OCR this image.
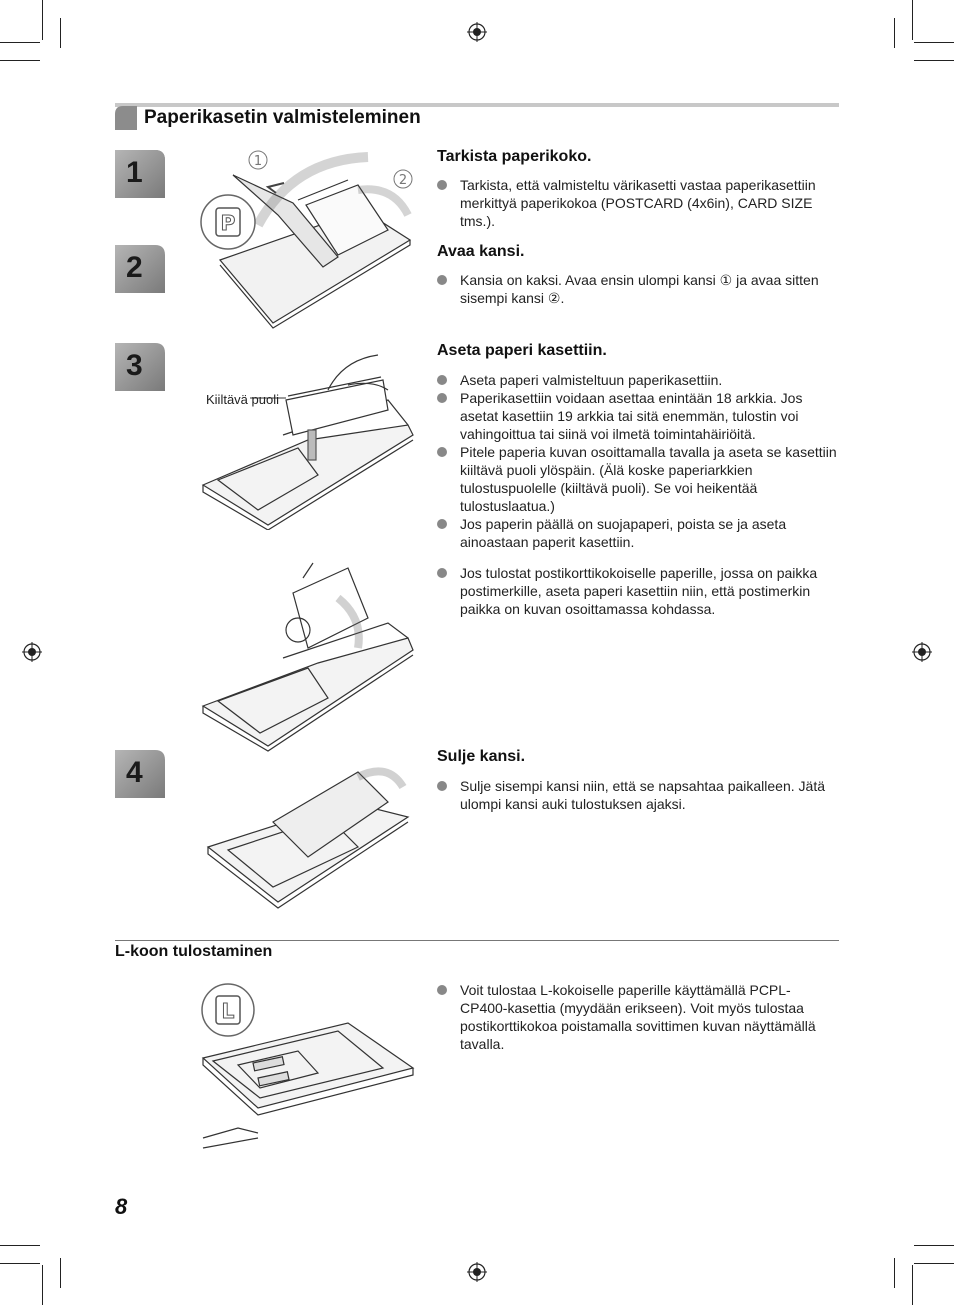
Paperikasetin valmisteleminen
1
2
3
4
1
2
P
Kiiltävä puoli
Tarkista paperikoko.
Tarkista, että valmisteltu värikasetti vastaa paperikasettiin merkittyä paperikokoa (POSTCARD (4x6in), CARD SIZE tms.).
Avaa kansi.
Kansia on kaksi. Avaa ensin ulompi kansi ① ja avaa sitten sisempi kansi ②.
Aseta paperi kasettiin.
Aseta paperi valmisteltuun paperikasettiin.
Paperikasettiin voidaan asettaa enintään 18 arkkia. Jos asetat kasettiin 19 arkkia tai sitä enemmän, tulostin voi vahingoittua tai siinä voi ilmetä toimintahäiriöitä.
Pitele paperia kuvan osoittamalla tavalla ja aseta se kasettiin kiiltävä puoli ylöspäin. (Älä koske paperiarkkien tulostuspuolelle (kiiltävä puoli). Se voi heikentää tulostuslaatua.)
Jos paperin päällä on suojapaperi, poista se ja aseta ainoastaan paperit kasettiin.
Jos tulostat postikorttikokoiselle paperille, jossa on paikka postimerkille, aseta paperi kasettiin niin, että postimerkin paikka on kuvan osoittamassa kohdassa.
Sulje kansi.
Sulje sisempi kansi niin, että se napsahtaa paikalleen. Jätä ulompi kansi auki tulostuksen ajaksi.
L-koon tulostaminen
Voit tulostaa L-kokoiselle paperille käyttämällä PCPL-CP400-kasettia (myydään erikseen). Voit myös tulostaa postikorttikokoa poistamalla sovittimen kuvan näyttämällä tavalla.
L
8
